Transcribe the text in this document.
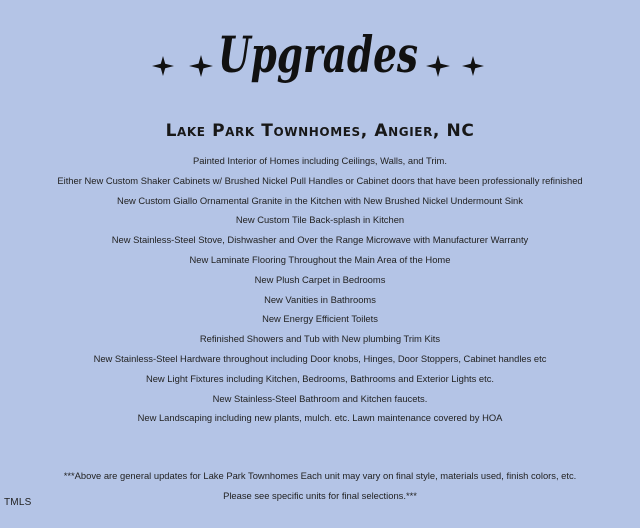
Upgrades
Lake Park Townhomes, Angier, NC
Painted Interior of Homes including Ceilings, Walls, and Trim.
Either New Custom Shaker Cabinets w/ Brushed Nickel Pull Handles or Cabinet doors that have been professionally refinished
New Custom Giallo Ornamental Granite in the Kitchen with New Brushed Nickel Undermount Sink
New Custom Tile Back-splash in Kitchen
New Stainless-Steel Stove, Dishwasher and Over the Range Microwave with Manufacturer Warranty
New Laminate Flooring Throughout the Main Area of the Home
New Plush Carpet in Bedrooms
New Vanities in Bathrooms
New Energy Efficient Toilets
Refinished Showers and Tub with New plumbing Trim Kits
New Stainless-Steel Hardware throughout including Door knobs, Hinges, Door Stoppers, Cabinet handles etc
New Light Fixtures including Kitchen, Bedrooms, Bathrooms and Exterior Lights etc.
New Stainless-Steel Bathroom and Kitchen faucets.
New Landscaping including new plants, mulch. etc. Lawn maintenance covered by HOA
***Above are general updates for Lake Park Townhomes Each unit may vary on final style, materials used, finish colors, etc.
Please see specific units for final selections.***
TMLS
